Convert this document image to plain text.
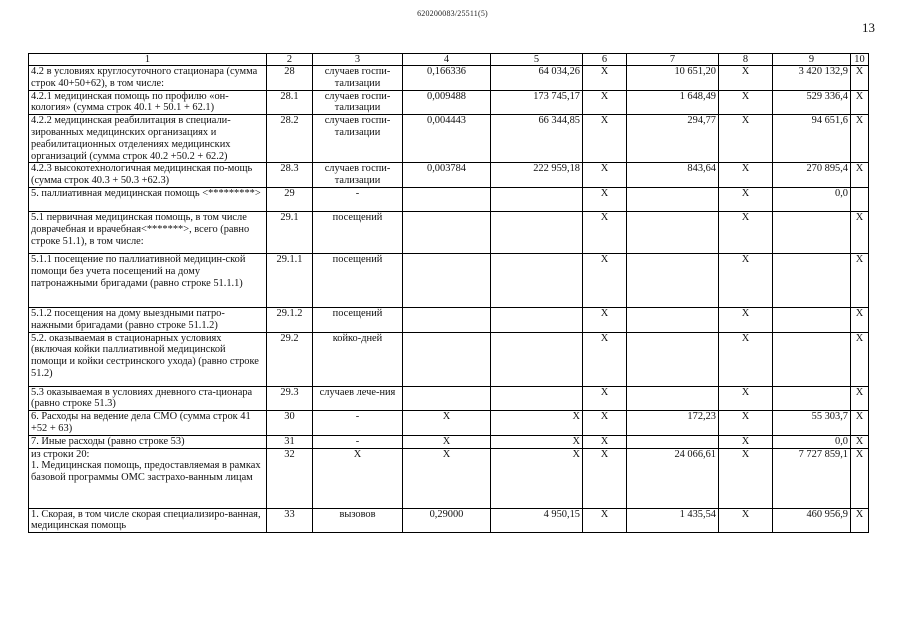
620200083/25511(5)
13
1	2	3	4	5	6	7	8	9	10
4.2 в условиях круглосуточного стационара (сумма строк 40+50+62), в том числе:	28	случаев госпи-тализации	0,166336	64 034,26	X	10 651,20	X	3 420 132,9	X
4.2.1 медицинская помощь по профилю «он-кология» (сумма строк 40.1 + 50.1 + 62.1)	28.1	случаев госпи-тализации	0,009488	173 745,17	X	1 648,49	X	529 336,4	X
4.2.2 медицинская реабилитация в специали-зированных медицинских организациях и реабилитационных отделениях медицинских организаций (сумма строк 40.2 +50.2 + 62.2)	28.2	случаев госпи-тализации	0,004443	66 344,85	X	294,77	X	94 651,6	X
4.2.3 высокотехнологичная медицинская по-мощь (сумма строк 40.3 + 50.3 +62.3)	28.3	случаев госпи-тализации	0,003784	222 959,18	X	843,64	X	270 895,4	X
5. паллиативная медицинская помощь <*********>	29	-			X		X	0,0	
5.1 первичная медицинская помощь, в том числе доврачебная и врачебная<*******>, всего (равно строке 51.1), в том числе:	29.1	посещений			X		X		X
5.1.1 посещение по паллиативной медицин-ской помощи без учета посещений на дому патронажными бригадами (равно строке 51.1.1)	29.1.1	посещений			X		X		X
5.1.2 посещения на дому выездными патро-нажными бригадами (равно строке 51.1.2)	29.1.2	посещений			X		X		X
5.2. оказываемая в стационарных условиях (включая койки паллиативной медицинской помощи и койки сестринского ухода) (равно строке 51.2)	29.2	койко-дней			X		X		X
5.3 оказываемая в условиях дневного ста-ционара (равно строке 51.3)	29.3	случаев лече-ния			X		X		X
6. Расходы на ведение дела СМО (сумма строк 41 +52 + 63)	30	-	X	X	X	172,23	X	55 303,7	X
7. Иные расходы (равно строке 53)	31	-	X	X	X		X	0,0	X
из строки 20:
1. Медицинская помощь, предоставляемая в рамках базовой программы ОМС застрахо-ванным лицам	32	X	X	X	X	24 066,61	X	7 727 859,1	X
1. Скорая, в том числе скорая специализиро-ванная, медицинская помощь	33	вызовов	0,29000	4 950,15	X	1 435,54	X	460 956,9	X
